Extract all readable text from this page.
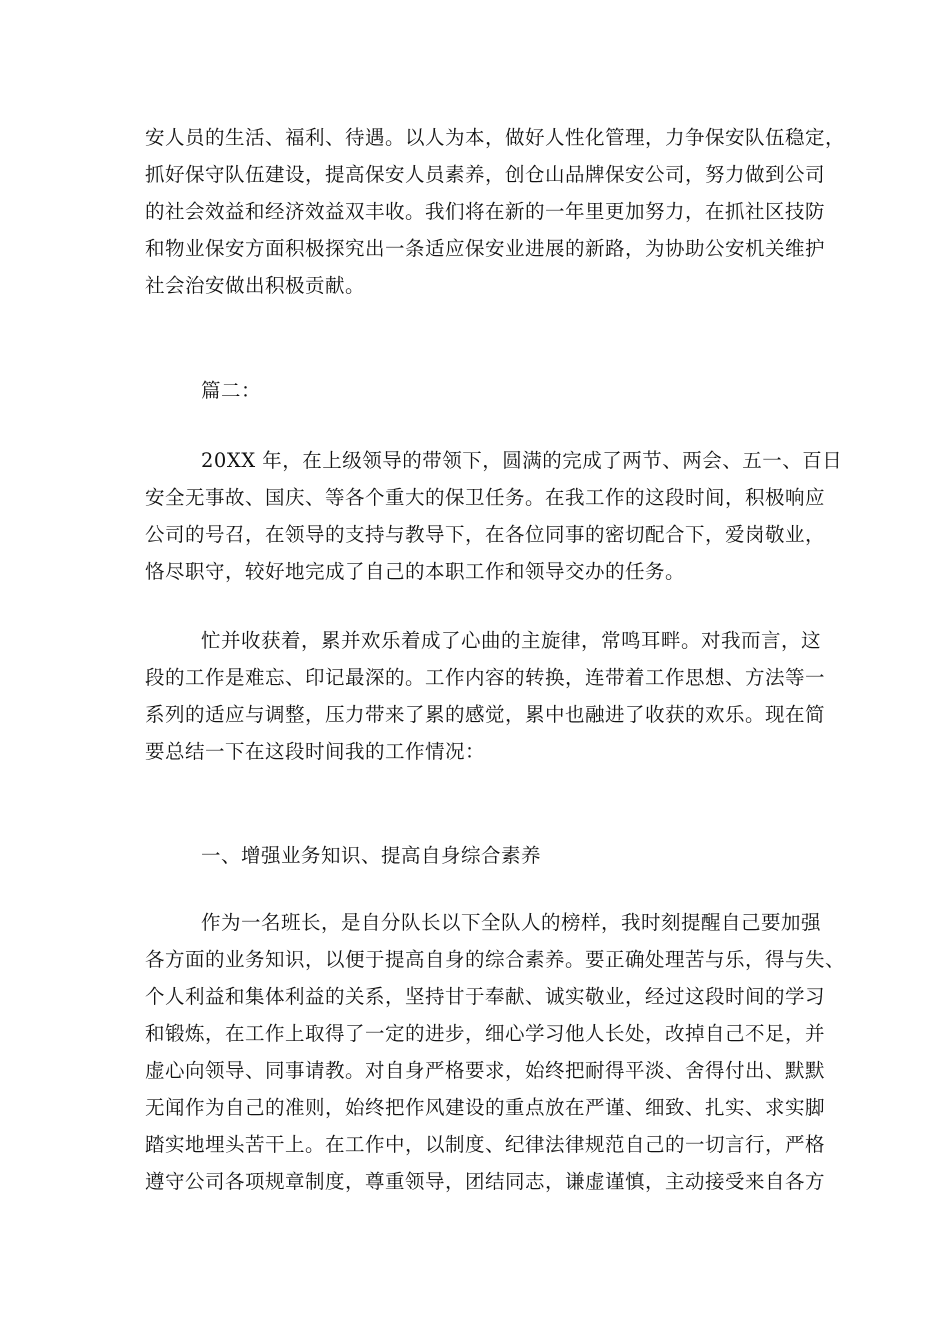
安人员的生活、福利、待遇。以人为本，做好人性化管理，力争保安队伍稳定，
抓好保守队伍建设，提高保安人员素养，创仓山品牌保安公司，努力做到公司
的社会效益和经济效益双丰收。我们将在新的一年里更加努力，在抓社区技防
和物业保安方面积极探究出一条适应保安业进展的新路，为协助公安机关维护
社会治安做出积极贡献。
篇二：
20XX 年，在上级领导的带领下，圆满的完成了两节、两会、五一、百日
安全无事故、国庆、等各个重大的保卫任务。在我工作的这段时间，积极响应
公司的号召，在领导的支持与教导下，在各位同事的密切配合下，爱岗敬业，
恪尽职守，较好地完成了自己的本职工作和领导交办的任务。
忙并收获着，累并欢乐着成了心曲的主旋律，常鸣耳畔。对我而言，这
段的工作是难忘、印记最深的。工作内容的转换，连带着工作思想、方法等一
系列的适应与调整，压力带来了累的感觉，累中也融进了收获的欢乐。现在简
要总结一下在这段时间我的工作情况：
一、增强业务知识、提高自身综合素养
作为一名班长，是自分队长以下全队人的榜样，我时刻提醒自己要加强
各方面的业务知识，以便于提高自身的综合素养。要正确处理苦与乐，得与失、
个人利益和集体利益的关系，坚持甘于奉献、诚实敬业，经过这段时间的学习
和锻炼，在工作上取得了一定的进步，细心学习他人长处，改掉自己不足，并
虚心向领导、同事请教。对自身严格要求，始终把耐得平淡、舍得付出、默默
无闻作为自己的准则，始终把作风建设的重点放在严谨、细致、扎实、求实脚
踏实地埋头苦干上。在工作中，以制度、纪律法律规范自己的一切言行，严格
遵守公司各项规章制度，尊重领导，团结同志，谦虚谨慎，主动接受来自各方
